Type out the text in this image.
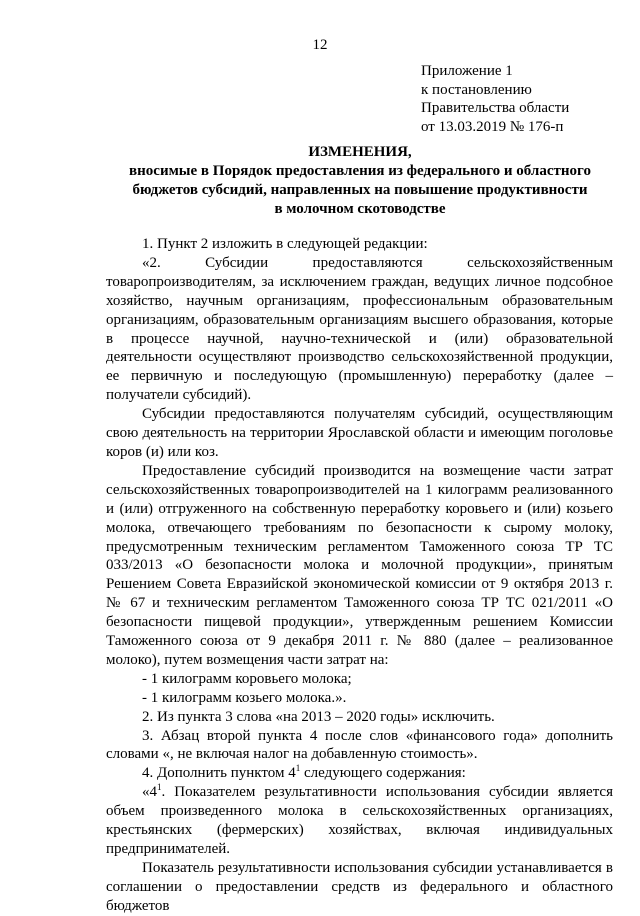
12
Приложение 1
к постановлению
Правительства области
от 13.03.2019 № 176-п
ИЗМЕНЕНИЯ,
вносимые в Порядок предоставления из федерального и областного
бюджетов субсидий, направленных на повышение продуктивности
в молочном скотоводстве

1. Пункт 2 изложить в следующей редакции:

«2. Субсидии предоставляются сельскохозяйственным товаропроизводителям, за исключением граждан, ведущих личное подсобное хозяйство, научным организациям, профессиональным образовательным организациям, образовательным организациям высшего образования, которые в процессе научной, научно-технической и (или) образовательной деятельности осуществляют производство сельскохозяйственной продукции, ее первичную и последующую (промышленную) переработку (далее – получатели субсидий).

Субсидии предоставляются получателям субсидий, осуществляющим свою деятельность на территории Ярославской области и имеющим поголовье коров (и) или коз.

Предоставление субсидий производится на возмещение части затрат сельскохозяйственных товаропроизводителей на 1 килограмм реализованного и (или) отгруженного на собственную переработку коровьего и (или) козьего молока, отвечающего требованиям по безопасности к сырому молоку, предусмотренным техническим регламентом Таможенного союза ТР ТС 033/2013 «О безопасности молока и молочной продукции», принятым Решением Совета Евразийской экономической комиссии от 9 октября 2013 г. № 67 и техническим регламентом Таможенного союза ТР ТС 021/2011 «О безопасности пищевой продукции», утвержденным решением Комиссии Таможенного союза от 9 декабря 2011 г. № 880 (далее – реализованное молоко), путем возмещения части затрат на:

- 1 килограмм коровьего молока;

- 1 килограмм козьего молока.».

2. Из пункта 3 слова «на 2013 – 2020 годы» исключить.

3. Абзац второй пункта 4 после слов «финансового года» дополнить словами «, не включая налог на добавленную стоимость».

4. Дополнить пунктом $4^1$ следующего содержания:

«$4^1$. Показателем результативности использования субсидии является объем произведенного молока в сельскохозяйственных организациях, крестьянских (фермерских) хозяйствах, включая индивидуальных предпринимателей.

Показатель результативности использования субсидии устанавливается в соглашении о предоставлении средств из федерального и областного бюджетов
